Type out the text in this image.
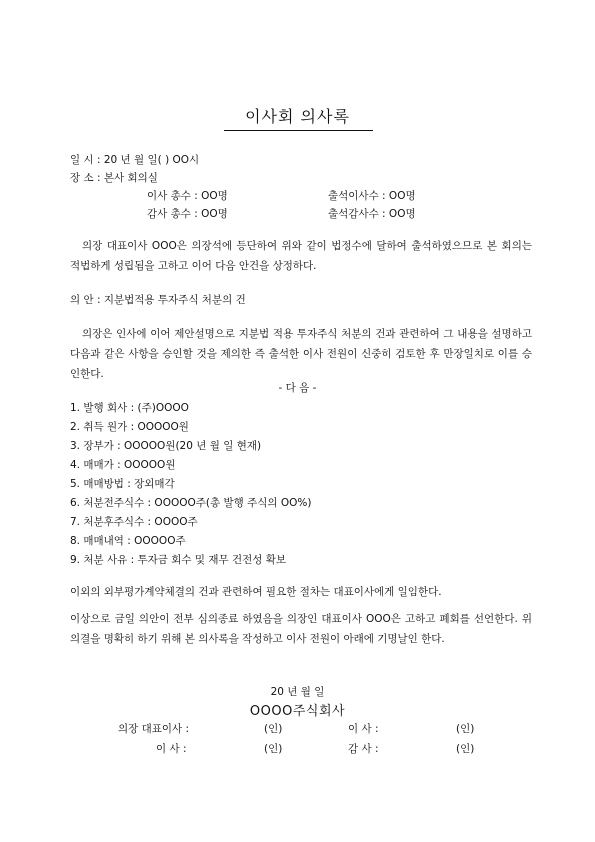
이사회 의사록
일 시 : 20 년 월 일( ) OO시
장 소 : 본사 회의실
이사 총수 : OO명	출석이사수 : OO명
감사 총수 : OO명	출석감사수 : OO명
의장 대표이사 OOO은 의장석에 등단하여 위와 같이 법정수에 달하여 출석하였으므로 본 회의는 적법하게 성립됨을 고하고 이어 다음 안건을 상정하다.
의 안 : 지분법적용 투자주식 처분의 건
의장은 인사에 이어 제안설명으로 지분법 적용 투자주식 처분의 건과 관련하여 그 내용을 설명하고 다음과 같은 사항을 승인할 것을 제의한 즉 출석한 이사 전원이 신중히 검토한 후 만장일치로 이를 승인한다.
- 다 음 -
1. 발행 회사 : (주)OOOO
2. 취득 원가 : OOOOO원
3. 장부가 : OOOOO원(20 년 월 일 현재)
4. 매매가 : OOOOO원
5. 매매방법 : 장외매각
6. 처분전주식수 : OOOOO주(총 발행 주식의 OO%)
7. 처분후주식수 : OOOO주
8. 매매내역 : OOOOO주
9. 처분 사유 : 투자금 회수 및 재무 건전성 확보
이외의 외부평가계약체결의 건과 관련하여 필요한 절차는 대표이사에게 일임한다.
이상으로 금일 의안이 전부 심의종료 하였음을 의장인 대표이사 OOO은 고하고 폐회를 선언한다. 위 의결을 명확히 하기 위해 본 의사록을 작성하고 이사 전원이 아래에 기명날인 한다.
20 년 월 일
OOOO주식회사
의장 대표이사 :	(인)	이 사 :	(인)
이 사 :	(인)	감 사 :	(인)
